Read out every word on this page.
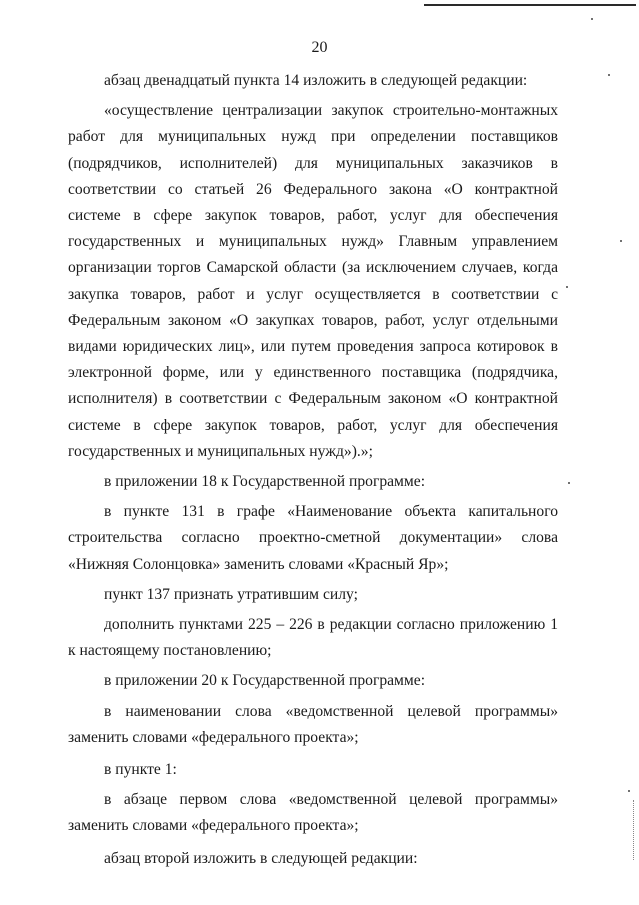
20

абзац двенадцатый пункта 14 изложить в следующей редакции:

«осуществление централизации закупок строительно-монтажных работ для муниципальных нужд при определении поставщиков (подрядчиков, исполнителей) для муниципальных заказчиков в соответствии со статьей 26 Федерального закона «О контрактной системе в сфере закупок товаров, работ, услуг для обеспечения государственных и муниципальных нужд» Главным управлением организации торгов Самарской области (за исключением случаев, когда закупка товаров, работ и услуг осуществляется в соответствии с Федеральным законом «О закупках товаров, работ, услуг отдельными видами юридических лиц», или путем проведения запроса котировок в электронной форме, или у единственного поставщика (подрядчика, исполнителя) в соответствии с Федеральным законом «О контрактной системе в сфере закупок товаров, работ, услуг для обеспечения государственных и муниципальных нужд»).»;

в приложении 18 к Государственной программе:

в пункте 131 в графе «Наименование объекта капитального строительства согласно проектно-сметной документации» слова «Нижняя Солонцовка» заменить словами «Красный Яр»;

пункт 137 признать утратившим силу;

дополнить пунктами 225 – 226 в редакции согласно приложению 1 к настоящему постановлению;

в приложении 20 к Государственной программе:

в наименовании слова «ведомственной целевой программы» заменить словами «федерального проекта»;

в пункте 1:

в абзаце первом слова «ведомственной целевой программы» заменить словами «федерального проекта»;

абзац второй изложить в следующей редакции:
